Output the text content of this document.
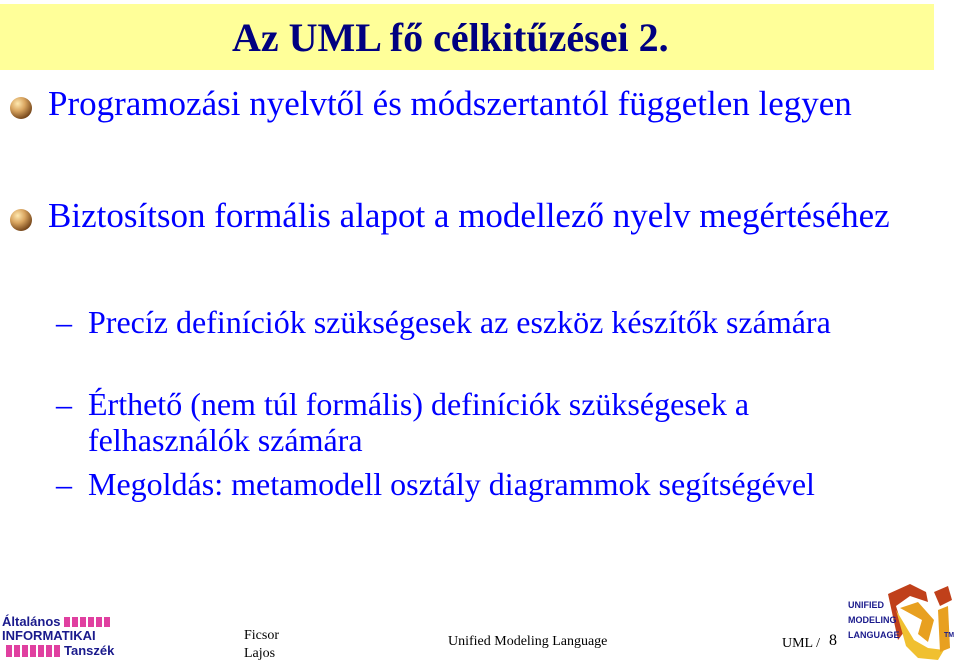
Az UML fő célkitűzései 2.
Programozási nyelvtől és módszertantól független legyen
Biztosítson formális alapot a modellező nyelv megértéséhez
– Precíz definíciók szükségesek az eszköz készítők számára
– Érthető (nem túl formális) definíciók szükségesek a felhasználók számára
– Megoldás: metamodell osztály diagrammok segítségével
Általános
INFORMATIKAI
Tanszék
Ficsor
Lajos
Unified Modeling Language	UML / 8
UNIFIED
MODELING
LANGUAGE	TM
